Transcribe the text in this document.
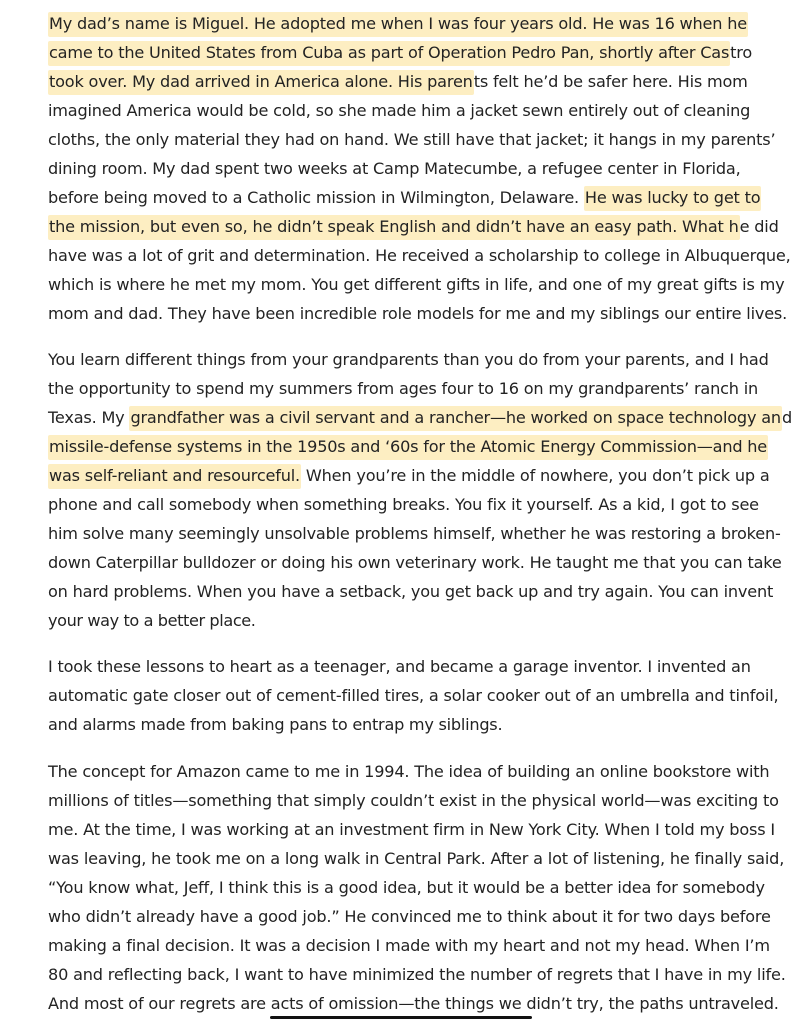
My dad’s name is Miguel. He adopted me when I was four years old. He was 16 when he
came to the United States from Cuba as part of Operation Pedro Pan, shortly after Castro
took over. My dad arrived in America alone. His parents felt he’d be safer here. His mom
imagined America would be cold, so she made him a jacket sewn entirely out of cleaning
cloths, the only material they had on hand. We still have that jacket; it hangs in my parents’
dining room. My dad spent two weeks at Camp Matecumbe, a refugee center in Florida,
before being moved to a Catholic mission in Wilmington, Delaware. He was lucky to get to
the mission, but even so, he didn’t speak English and didn’t have an easy path. What he did
have was a lot of grit and determination. He received a scholarship to college in Albuquerque,
which is where he met my mom. You get different gifts in life, and one of my great gifts is my
mom and dad. They have been incredible role models for me and my siblings our entire lives.
You learn different things from your grandparents than you do from your parents, and I had
the opportunity to spend my summers from ages four to 16 on my grandparents’ ranch in
Texas. My grandfather was a civil servant and a rancher—he worked on space technology and
missile-defense systems in the 1950s and ‘60s for the Atomic Energy Commission—and he
was self-reliant and resourceful. When you’re in the middle of nowhere, you don’t pick up a
phone and call somebody when something breaks. You fix it yourself. As a kid, I got to see
him solve many seemingly unsolvable problems himself, whether he was restoring a broken-
down Caterpillar bulldozer or doing his own veterinary work. He taught me that you can take
on hard problems. When you have a setback, you get back up and try again. You can invent
your way to a better place.
I took these lessons to heart as a teenager, and became a garage inventor. I invented an
automatic gate closer out of cement-filled tires, a solar cooker out of an umbrella and tinfoil,
and alarms made from baking pans to entrap my siblings.
The concept for Amazon came to me in 1994. The idea of building an online bookstore with
millions of titles—something that simply couldn’t exist in the physical world—was exciting to
me. At the time, I was working at an investment firm in New York City. When I told my boss I
was leaving, he took me on a long walk in Central Park. After a lot of listening, he finally said,
“You know what, Jeff, I think this is a good idea, but it would be a better idea for somebody
who didn’t already have a good job.” He convinced me to think about it for two days before
making a final decision. It was a decision I made with my heart and not my head. When I’m
80 and reflecting back, I want to have minimized the number of regrets that I have in my life.
And most of our regrets are acts of omission—the things we didn’t try, the paths untraveled.
